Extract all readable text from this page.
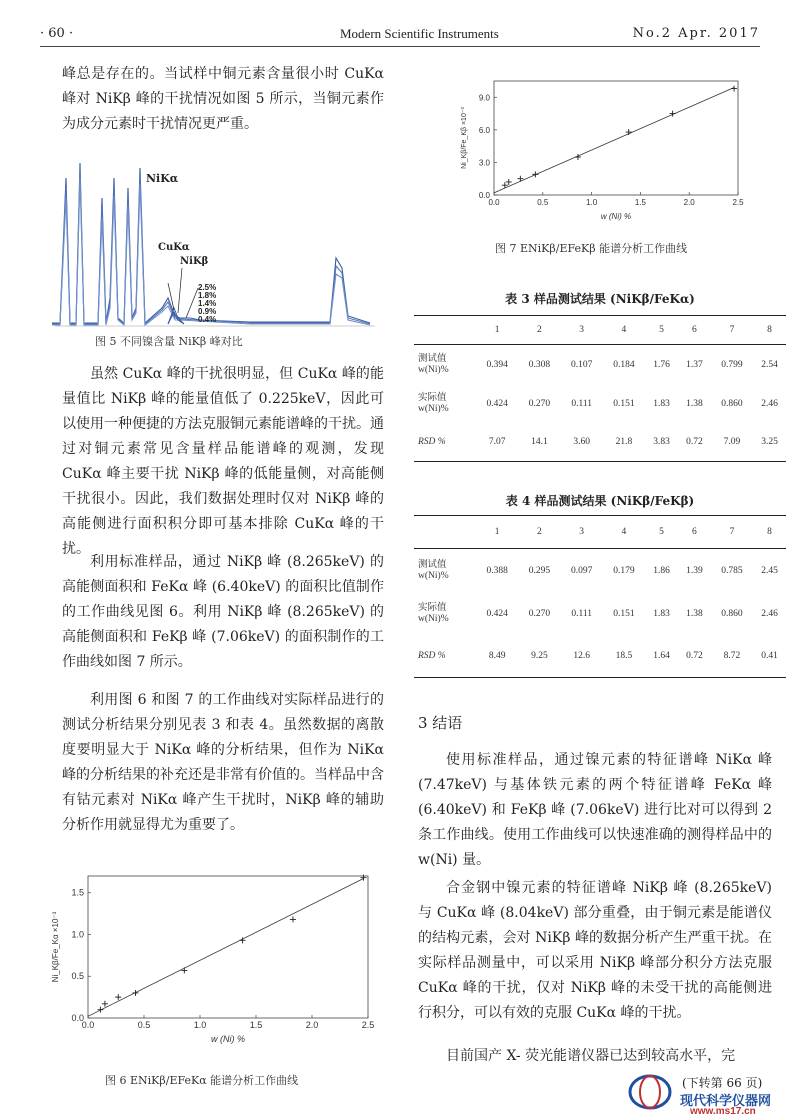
· 60 ·	Modern Scientific Instruments	No.2 Apr. 2017
峰总是存在的。当试样中铜元素含量很小时 CuKα 峰对 NiKβ 峰的干扰情况如图 5 所示，当铜元素作为成分元素时干扰情况更严重。
NiKα
CuKα
NiKβ
2.5%
1.8%
1.4%
0.9%
0.4%
图 5 不同镍含量 NiKβ 峰对比
虽然 CuKα 峰的干扰很明显，但 CuKα 峰的能量值比 NiKβ 峰的能量值低了 0.225keV，因此可以使用一种便捷的方法克服铜元素能谱峰的干扰。通过对铜元素常见含量样品能谱峰的观测，发现 CuKα 峰主要干扰 NiKβ 峰的低能量侧，对高能侧干扰很小。因此，我们数据处理时仅对 NiKβ 峰的高能侧进行面积积分即可基本排除 CuKα 峰的干扰。
利用标准样品，通过 NiKβ 峰 (8.265keV) 的高能侧面积和 FeKα 峰 (6.40keV) 的面积比值制作的工作曲线见图 6。利用 NiKβ 峰 (8.265keV) 的高能侧面积和 FeKβ 峰 (7.06keV) 的面积制作的工作曲线如图 7 所示。
利用图 6 和图 7 的工作曲线对实际样品进行的测试分析结果分别见表 3 和表 4。虽然数据的离散度要明显大于 NiKα 峰的分析结果，但作为 NiKα 峰的分析结果的补充还是非常有价值的。当样品中含有钴元素对 NiKα 峰产生干扰时，NiKβ 峰的辅助分析作用就显得尤为重要了。
0.0	0.5	1.0	1.5	2.0	2.5
0.0
0.5
1.0
1.5
w (Ni) %
Ni_Kβ/Fe_Kα ×10⁻³
图 6 ENiKβ/EFeKα 能谱分析工作曲线
0.0	0.5	1.0	1.5	2.0	2.5
0.0
3.0
6.0
9.0
w (Ni) %
Ni_Kβ/Fe_Kβ ×10⁻³
图 7 ENiKβ/EFeKβ 能谱分析工作曲线
表 3 样品测试结果 (NiKβ/FeKα)
	1	2	3	4	5	6	7	8

测试值
w(Ni)%	0.394	0.308	0.107	0.184	1.76	1.37	0.799	2.54

实际值
w(Ni)%	0.424	0.270	0.111	0.151	1.83	1.38	0.860	2.46
RSD %	7.07	14.1	3.60	21.8	3.83	0.72	7.09	3.25
表 4 样品测试结果 (NiKβ/FeKβ)
	1	2	3	4	5	6	7	8

测试值
w(Ni)%	0.388	0.295	0.097	0.179	1.86	1.39	0.785	2.45

实际值
w(Ni)%	0.424	0.270	0.111	0.151	1.83	1.38	0.860	2.46
RSD %	8.49	9.25	12.6	18.5	1.64	0.72	8.72	0.41
3 结语
使用标准样品，通过镍元素的特征谱峰 NiKα 峰 (7.47keV) 与基体铁元素的两个特征谱峰 FeKα 峰 (6.40keV) 和 FeKβ 峰 (7.06keV) 进行比对可以得到 2 条工作曲线。使用工作曲线可以快速准确的测得样品中的 w(Ni) 量。
合金钢中镍元素的特征谱峰 NiKβ 峰 (8.265keV) 与 CuKα 峰 (8.04keV) 部分重叠，由于铜元素是能谱仪的结构元素，会对 NiKβ 峰的数据分析产生严重干扰。在实际样品测量中，可以采用 NiKβ 峰部分积分方法克服 CuKα 峰的干扰，仅对 NiKβ 峰的未受干扰的高能侧进行积分，可以有效的克服 CuKα 峰的干扰。
目前国产 X- 荧光能谱仪器已达到较高水平，完
(下转第 66 页)
现代科学仪器网
www.ms17.cn
